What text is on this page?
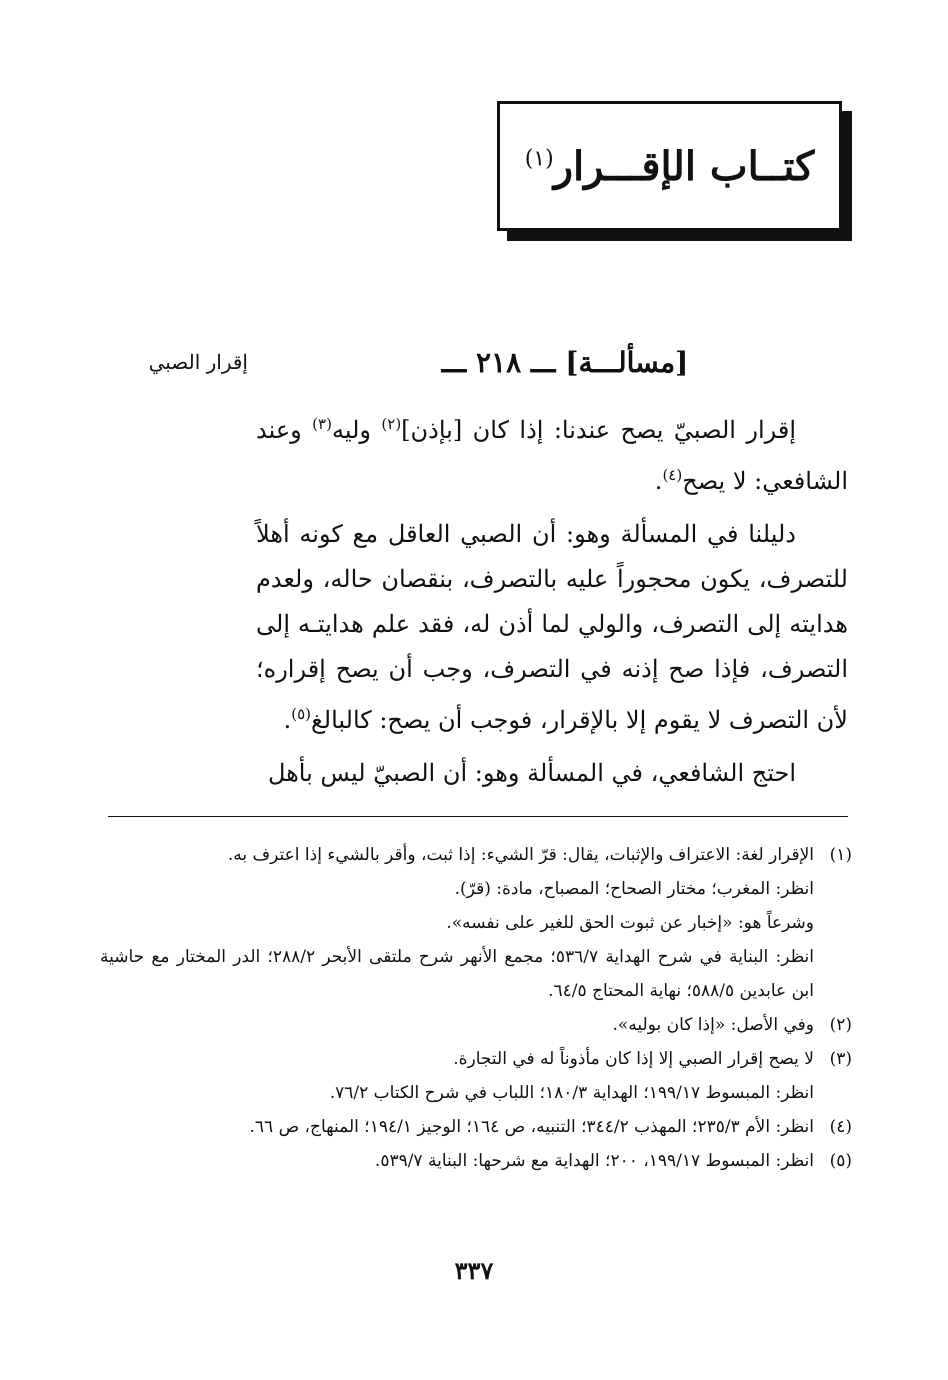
كتــاب الإقـــرار$^{(١)}$
[مسألـــة] ـــ ٢١٨ ـــ
إقرار الصبي

إقرار الصبيّ يصح عندنا: إذا كان [بإذن]$^{(٢)}$ وليه$^{(٣)}$ وعند الشافعي: لا يصح$^{(٤)}$.

دليلنا في المسألة وهو: أن الصبي العاقل مع كونه أهلاً للتصرف، يكون محجوراً عليه بالتصرف، بنقصان حاله، ولعدم هدايته إلى التصرف، والولي لما أذن له، فقد علم هدايتـه إلى التصرف، فإذا صح إذنه في التصرف، وجب أن يصح إقراره؛ لأن التصرف لا يقوم إلا بالإقرار، فوجب أن يصح: كالبالغ$^{(٥)}$.

احتج الشافعي، في المسألة وهو: أن الصبيّ ليس بأهل

(١)
الإقرار لغة: الاعتراف والإثبات، يقال: قرّ الشيء: إذا ثبت، وأقر بالشيء إذا اعترف به.
انظر: المغرب؛ مختار الصحاح؛ المصباح، مادة: (قرّ).
وشرعاً هو: «إخبار عن ثبوت الحق للغير على نفسه».
انظر: البناية في شرح الهداية ٥٣٦/٧؛ مجمع الأنهر شرح ملتقى الأبحر ٢٨٨/٢؛ الدر المختار مع حاشية ابن عابدين ٥٨٨/٥؛ نهاية المحتاج ٦٤/٥.
(٢)
وفي الأصل: «إذا كان بوليه».
(٣)
لا يصح إقرار الصبي إلا إذا كان مأذوناً له في التجارة.
انظر: المبسوط ١٩٩/١٧؛ الهداية ١٨٠/٣؛ اللباب في شرح الكتاب ٧٦/٢.
(٤)
انظر: الأم ٢٣٥/٣؛ المهذب ٣٤٤/٢؛ التنبيه، ص ١٦٤؛ الوجيز ١٩٤/١؛ المنهاج، ص ٦٦.
(٥)
انظر: المبسوط ١٩٩/١٧، ٢٠٠؛ الهداية مع شرحها: البناية ٥٣٩/٧.
٣٣٧
